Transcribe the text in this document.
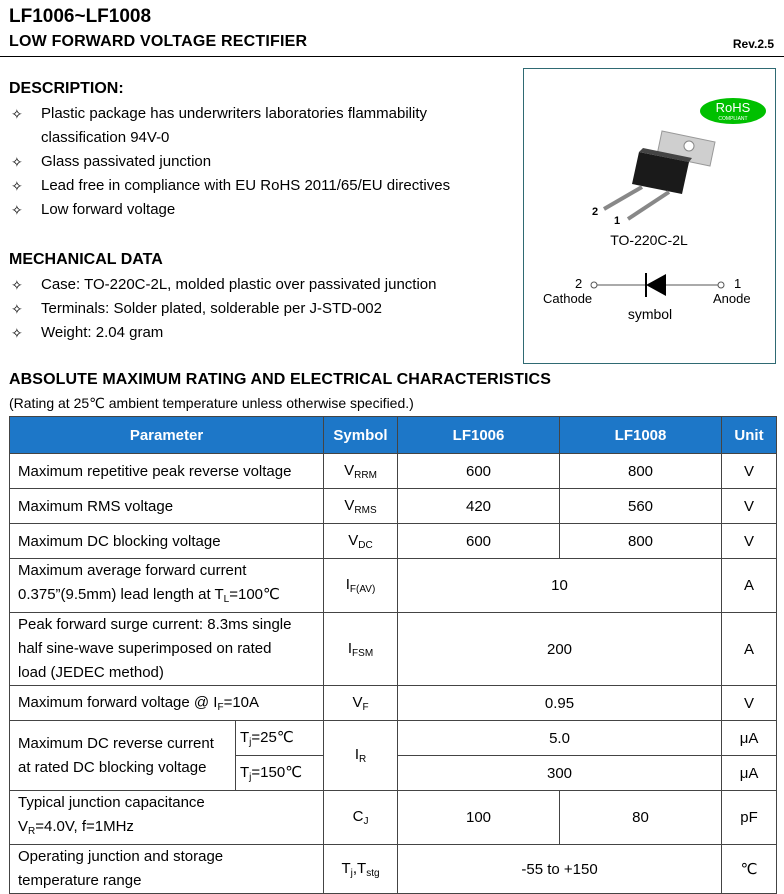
LF1006~LF1008
LOW FORWARD VOLTAGE RECTIFIER	Rev.2.5
DESCRIPTION:
✧ Plastic package has underwriters laboratories flammability classification 94V-0
✧ Glass passivated junction
✧ Lead free in compliance with EU RoHS 2011/65/EU directives
✧ Low forward voltage
MECHANICAL DATA
✧ Case: TO-220C-2L, molded plastic over passivated junction
✧ Terminals: Solder plated, solderable per J-STD-002
✧ Weight: 2.04 gram
RoHS
COMPLIANT
2
1
TO-220C-2L
2	1
Cathode	Anode
symbol
ABSOLUTE MAXIMUM RATING AND ELECTRICAL CHARACTERISTICS
(Rating at 25℃ ambient temperature unless otherwise specified.)
Parameter		Symbol	LF1006	LF1008	Unit
Maximum repetitive peak reverse voltage		$V_{RRM}$	600	800	V
Maximum RMS voltage		$V_{RMS}$	420	560	V
Maximum DC blocking voltage		$V_{DC}$	600	800	V
Maximum average forward current
0.375”(9.5mm) lead length at $T_L=100℃$		$I_{F(AV)}$	10		A
Peak forward surge current: 8.3ms single
half sine-wave superimposed on rated
load (JEDEC method)		$I_{FSM}$	200		A
Maximum forward voltage @ $I_F=10A$		$V_F$	0.95		V
Maximum DC reverse current
at rated DC blocking voltage	$T_j=25℃$	$I_R$	5.0		μA
	$T_j=150℃$		300		μA
Typical junction capacitance
$V_R=4.0V$, f=1MHz		$C_J$	100	80	pF
Operating junction and storage
temperature range		$T_j,T_{stg}$	-55 to +150		℃
